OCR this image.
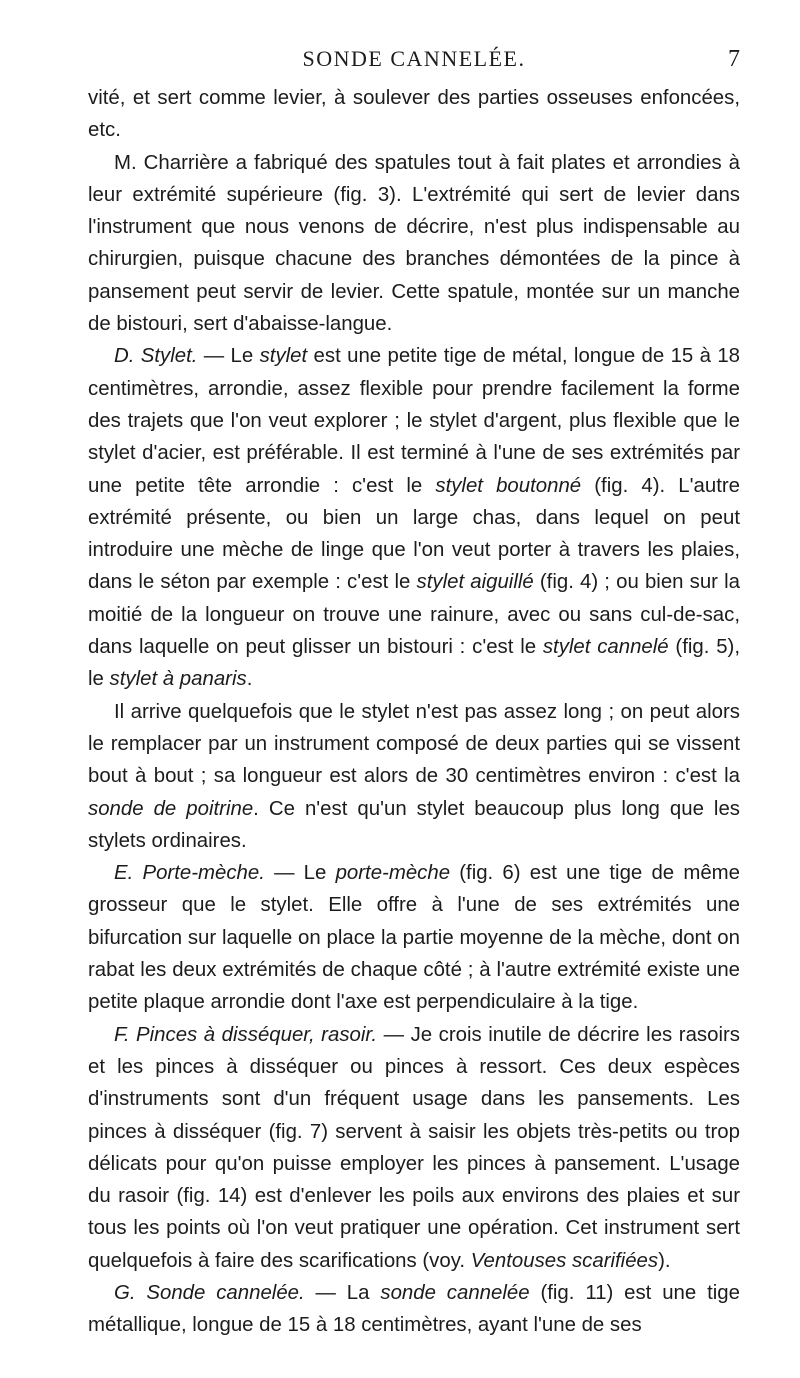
SONDE CANNELÉE.	7

vité, et sert comme levier, à soulever des parties osseuses enfoncées, etc.

M. Charrière a fabriqué des spatules tout à fait plates et arrondies à leur extrémité supérieure (fig. 3). L'extrémité qui sert de levier dans l'instrument que nous venons de décrire, n'est plus indispensable au chirurgien, puisque chacune des branches démontées de la pince à pansement peut servir de levier. Cette spatule, montée sur un manche de bistouri, sert d'abaisse-langue.

D. Stylet. — Le stylet est une petite tige de métal, longue de 15 à 18 centimètres, arrondie, assez flexible pour prendre facilement la forme des trajets que l'on veut explorer ; le stylet d'argent, plus flexible que le stylet d'acier, est préférable. Il est terminé à l'une de ses extrémités par une petite tête arrondie : c'est le stylet boutonné (fig. 4). L'autre extrémité présente, ou bien un large chas, dans lequel on peut introduire une mèche de linge que l'on veut porter à travers les plaies, dans le séton par exemple : c'est le stylet aiguillé (fig. 4) ; ou bien sur la moitié de la longueur on trouve une rainure, avec ou sans cul-de-sac, dans laquelle on peut glisser un bistouri : c'est le stylet cannelé (fig. 5), le stylet à panaris.

Il arrive quelquefois que le stylet n'est pas assez long ; on peut alors le remplacer par un instrument composé de deux parties qui se vissent bout à bout ; sa longueur est alors de 30 centimètres environ : c'est la sonde de poitrine. Ce n'est qu'un stylet beaucoup plus long que les stylets ordinaires.

E. Porte-mèche. — Le porte-mèche (fig. 6) est une tige de même grosseur que le stylet. Elle offre à l'une de ses extrémités une bifurcation sur laquelle on place la partie moyenne de la mèche, dont on rabat les deux extrémités de chaque côté ; à l'autre extrémité existe une petite plaque arrondie dont l'axe est perpendiculaire à la tige.

F. Pinces à disséquer, rasoir. — Je crois inutile de décrire les rasoirs et les pinces à disséquer ou pinces à ressort. Ces deux espèces d'instruments sont d'un fréquent usage dans les pansements. Les pinces à disséquer (fig. 7) servent à saisir les objets très-petits ou trop délicats pour qu'on puisse employer les pinces à pansement. L'usage du rasoir (fig. 14) est d'enlever les poils aux environs des plaies et sur tous les points où l'on veut pratiquer une opération. Cet instrument sert quelquefois à faire des scarifications (voy. Ventouses scarifiées).

G. Sonde cannelée. — La sonde cannelée (fig. 11) est une tige métallique, longue de 15 à 18 centimètres, ayant l'une de ses
